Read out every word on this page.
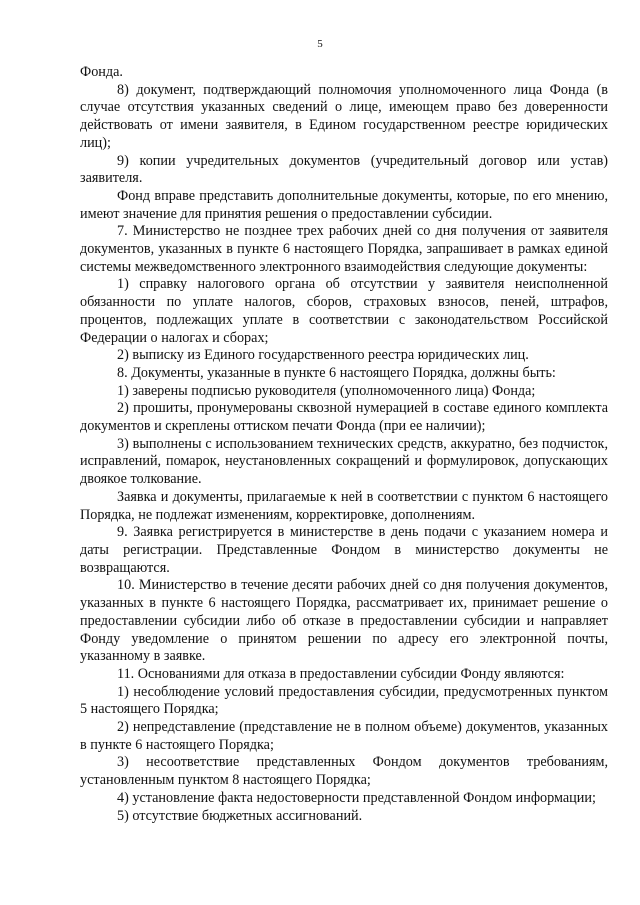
5

Фонда.

8) документ, подтверждающий полномочия уполномоченного лица Фонда (в случае отсутствия указанных сведений о лице, имеющем право без доверенности действовать от имени заявителя, в Едином государственном реестре юридических лиц);

9) копии учредительных документов (учредительный договор или устав) заявителя.

Фонд вправе представить дополнительные документы, которые, по его мнению, имеют значение для принятия решения о предоставлении субсидии.

7. Министерство не позднее трех рабочих дней со дня получения от заявителя документов, указанных в пункте 6 настоящего Порядка, запрашивает в рамках единой системы межведомственного электронного взаимодействия следующие документы:

1) справку налогового органа об отсутствии у заявителя неисполненной обязанности по уплате налогов, сборов, страховых взносов, пеней, штрафов, процентов, подлежащих уплате в соответствии с законодательством Российской Федерации о налогах и сборах;

2) выписку из Единого государственного реестра юридических лиц.

8. Документы, указанные в пункте 6 настоящего Порядка, должны быть:

1) заверены подписью руководителя (уполномоченного лица) Фонда;

2) прошиты, пронумерованы сквозной нумерацией в составе единого комплекта документов и скреплены оттиском печати Фонда (при ее наличии);

3) выполнены с использованием технических средств, аккуратно, без подчисток, исправлений, помарок, неустановленных сокращений и формулировок, допускающих двоякое толкование.

Заявка и документы, прилагаемые к ней в соответствии с пунктом 6 настоящего Порядка, не подлежат изменениям, корректировке, дополнениям.

9. Заявка регистрируется в министерстве в день подачи с указанием номера и даты регистрации. Представленные Фондом в министерство документы не возвращаются.

10. Министерство в течение десяти рабочих дней со дня получения документов, указанных в пункте 6 настоящего Порядка, рассматривает их, принимает решение о предоставлении субсидии либо об отказе в предоставлении субсидии и направляет Фонду уведомление о принятом решении по адресу его электронной почты, указанному в заявке.

11. Основаниями для отказа в предоставлении субсидии Фонду являются:

1) несоблюдение условий предоставления субсидии, предусмотренных пунктом 5 настоящего Порядка;

2) непредставление (представление не в полном объеме) документов, указанных в пункте 6 настоящего Порядка;

3) несоответствие представленных Фондом документов требованиям, установленным пунктом 8 настоящего Порядка;

4) установление факта недостоверности представленной Фондом информации;

5) отсутствие бюджетных ассигнований.
